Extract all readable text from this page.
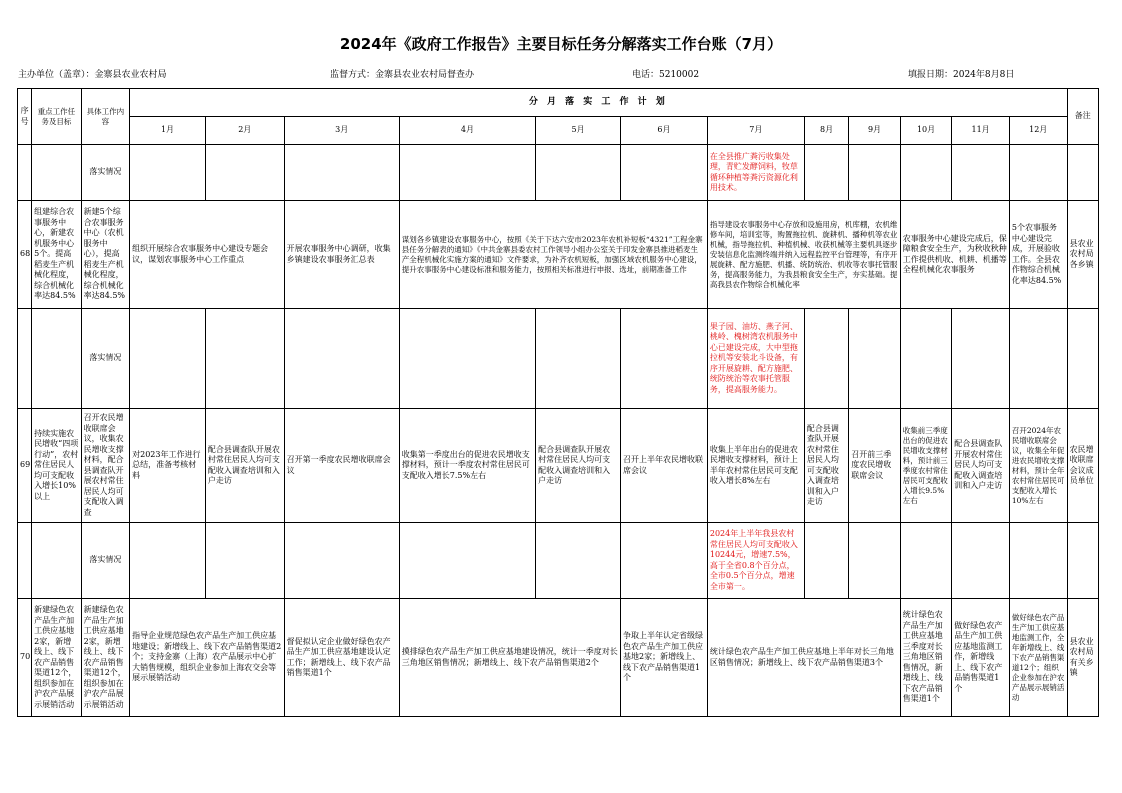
2024年《政府工作报告》主要目标任务分解落实工作台账（7月）
主办单位（盖章）：金寨县农业农村局	监督方式：金寨县农业农村局督查办	电话：5210002	填报日期：2024年8月8日
序号	重点工作任务及目标	具体工作内容	分 月 落 实 工 作 计 划												备注
			1月	2月	3月	4月	5月	6月	7月	8月	9月	10月	11月	12月	
		落实情况							在全县推广粪污收集处理，青贮发酵饲料，牧草循环种植等粪污资源化利用技术。						
68	组建综合农事服务中心，新建农机服务中心5个。提高稻麦生产机械化程度，综合机械化率达84.5%	新建5个综合农事服务中心（农机服务中心），提高稻麦生产机械化程度，综合机械化率达84.5%	组织开展综合农事服务中心建设专题会议，谋划农事服务中心工作重点		开展农事服务中心调研，收集乡镇建设农事服务汇总表	谋划各乡镇建设农事服务中心，按照《关于下达六安市2023年农机补短板“4321”工程金寨县任务分解表的通知》《中共金寨县委农村工作领导小组办公室关于印发金寨县推进稻麦生产全程机械化实施方案的通知》文件要求，为补齐农机短板，加强区域农机服务中心建设，提升农事服务中心建设标准和服务能力，按照相关标准进行申报、选址，前期准备工作			指导建设农事服务中心存放和设施用房，机库棚，农机维修车间，培训室等，购置拖拉机、旋耕机、播种机等农业机械，指导拖拉机、种植机械、收获机械等主要机具逐步安装信息化监测终端并纳入远程监控平台管理等，有序开展旋耕、配方施肥、机播、统防统治、机收等农事托管服务，提高服务能力，为我县粮食安全生产，夯实基础。提高我县农作物综合机械化率			农事服务中心建设完成后，保障粮食安全生产，为秋收秋种工作提供机收、机耕、机播等全程机械化农事服务		5个农事服务中心建设完成，开展验收工作。全县农作物综合机械化率达84.5%	县农业农村局各乡镇
		落实情况							果子园、油坊、燕子河、桃岭、槐树湾农机服务中心已建设完成，大中型拖拉机等安装北斗设备，有序开展旋耕、配方施肥、统防统治等农事托管服务，提高服务能力。						
69	持续实施农民增收“四项行动”，农村常住居民人均可支配收入增长10%以上	召开农民增收联席会议，收集农民增收支撑材料，配合县调查队开展农村常住居民人均可支配收入调查	对2023年工作进行总结，准备考核材料	配合县调查队开展农村常住居民人均可支配收入调查培训和入户走访	召开第一季度农民增收联席会议	收集第一季度出台的促进农民增收支撑材料，预计一季度农村常住居民可支配收入增长7.5%左右	配合县调查队开展农村常住居民人均可支配收入调查培训和入户走访	召开上半年农民增收联席会议	收集上半年出台的促进农民增收支撑材料，预计上半年农村常住居民可支配收入增长8%左右	配合县调查队开展农村常住居民人均可支配收入调查培训和入户走访	召开前三季度农民增收联席会议	收集前三季度出台的促进农民增收支撑材料，预计前三季度农村常住居民可支配收入增长9.5%左右	配合县调查队开展农村常住居民人均可支配收入调查培训和入户走访	召开2024年农民增收联席会议，收集全年促进农民增收支撑材料，预计全年农村常住居民可支配收入增长10%左右	农民增收联席会议成员单位
		落实情况							2024年上半年我县农村常住居民人均可支配收入10244元，增速7.5%，高于全省0.8个百分点，全市0.5个百分点，增速全市第一。						
70	新建绿色农产品生产加工供应基地2家，新增线上、线下农产品销售渠道12个，组织参加在沪农产品展示展销活动	新建绿色农产品生产加工供应基地2家，新增线上、线下农产品销售渠道12个，组织参加在沪农产品展示展销活动	指导企业规范绿色农产品生产加工供应基地建设；新增线上、线下农产品销售渠道2个；支持金寨（上海）农产品展示中心扩大销售规模，组织企业参加上海农交会等展示展销活动		督促拟认定企业做好绿色农产品生产加工供应基地建设认定工作；新增线上、线下农产品销售渠道1个	摸排绿色农产品生产加工供应基地建设情况，统计一季度对长三角地区销售情况；新增线上、线下农产品销售渠道2个		争取上半年认定省级绿色农产品生产加工供应基地2家；新增线上、线下农产品销售渠道1个	统计绿色农产品生产加工供应基地上半年对长三角地区销售情况；新增线上、线下农产品销售渠道3个			统计绿色农产品生产加工供应基地三季度对长三角地区销售情况，新增线上、线下农产品销售渠道1个	做好绿色农产品生产加工供应基地监测工作，新增线上、线下农产品销售渠道1个	做好绿色农产品生产加工供应基地监测工作，全年新增线上、线下农产品销售渠道12个；组织企业参加在沪农产品展示展销活动	县农业农村局有关乡镇
